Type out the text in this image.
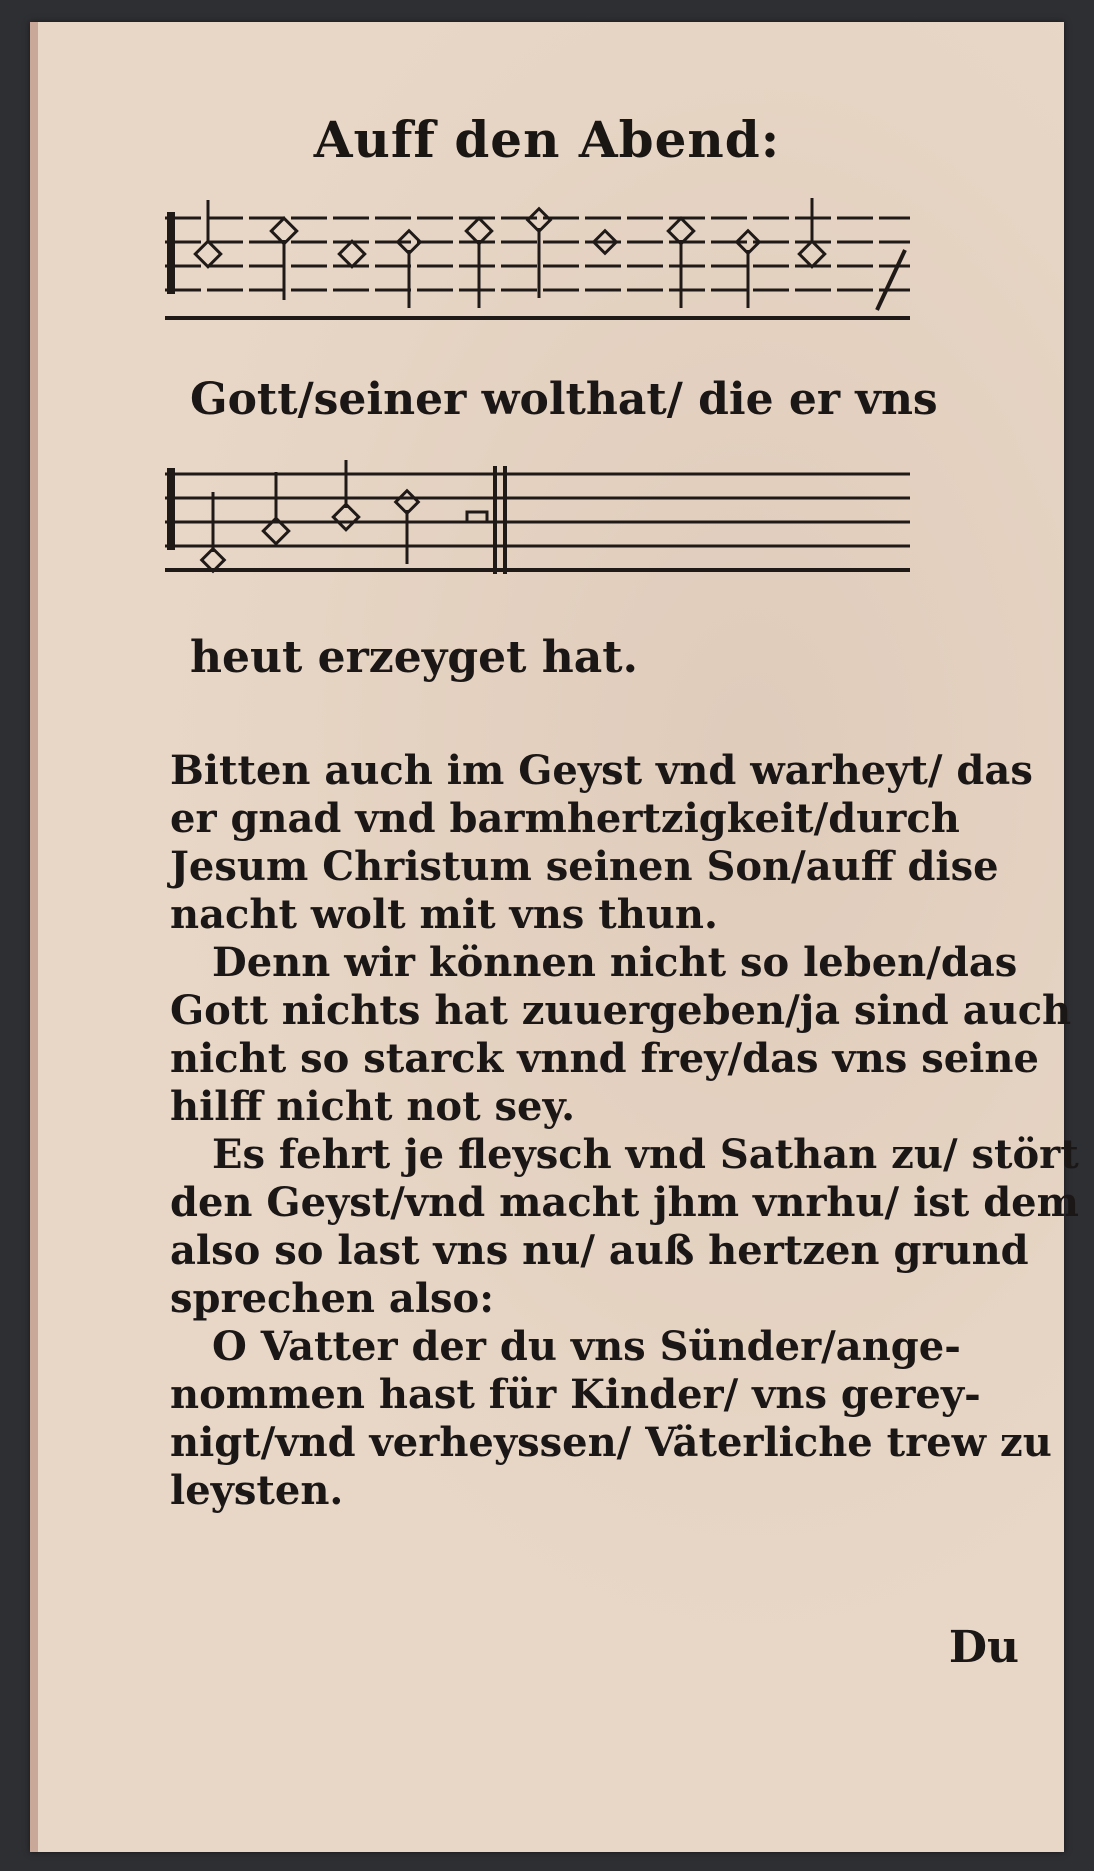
Auff den Abend:
Gott/seiner wolthat/ die er vns
heut erzeyget hat.

Bitten auch im Geyst vnd warheyt/ das er gnad vnd barmhertzigkeit/durch Jesum Christum seinen Son/auff dise nacht wolt mit vns thun.

Denn wir können nicht so leben/das Gott nichts hat zuuergeben/ja sind auch nicht so starck vnnd frey/das vns seine hilff nicht not sey.

Es fehrt je fleysch vnd Sathan zu/ stört den Geyst/vnd macht jhm vnrhu/ ist dem also so last vns nu/ auß hertzen grund sprechen also:

O Vatter der du vns Sünder/ange-nommen hast für Kinder/ vns gerey-nigt/vnd verheyssen/ Väterliche trew zu leysten.

Du
